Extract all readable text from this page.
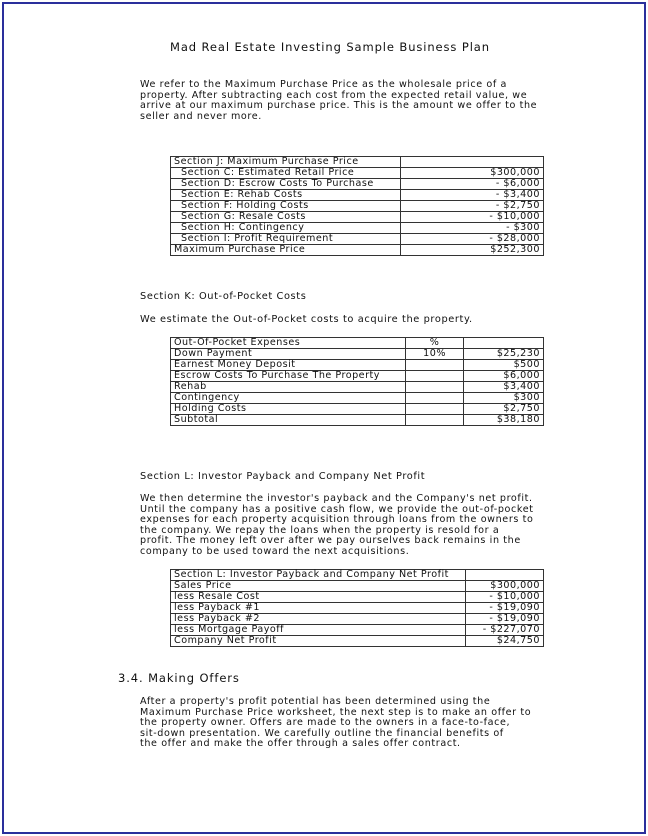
Mad Real Estate Investing Sample Business Plan
We refer to the Maximum Purchase Price as the wholesale price of a
property. After subtracting each cost from the expected retail value, we
arrive at our maximum purchase price. This is the amount we offer to the
seller and never more.
Section J: Maximum Purchase Price	
Section C: Estimated Retail Price	$300,000
Section D: Escrow Costs To Purchase	- $6,000
Section E: Rehab Costs	- $3,400
Section F: Holding Costs	- $2,750
Section G: Resale Costs	- $10,000
Section H: Contingency	- $300
Section I: Profit Requirement	- $28,000
Maximum Purchase Price	$252,300
Section K: Out-of-Pocket Costs
We estimate the Out-of-Pocket costs to acquire the property.
Out-Of-Pocket Expenses	%	
Down Payment	10%	$25,230
Earnest Money Deposit		$500
Escrow Costs To Purchase The Property		$6,000
Rehab		$3,400
Contingency		$300
Holding Costs		$2,750
Subtotal		$38,180
Section L: Investor Payback and Company Net Profit
We then determine the investor's payback and the Company's net profit.
Until the company has a positive cash flow, we provide the out-of-pocket
expenses for each property acquisition through loans from the owners to
the company. We repay the loans when the property is resold for a
profit. The money left over after we pay ourselves back remains in the
company to be used toward the next acquisitions.
Section L: Investor Payback and Company Net Profit	
Sales Price	$300,000
less Resale Cost	- $10,000
less Payback #1	- $19,090
less Payback #2	- $19,090
less Mortgage Payoff	- $227,070
Company Net Profit	$24,750
3.4. Making Offers
After a property's profit potential has been determined using the
Maximum Purchase Price worksheet, the next step is to make an offer to
the property owner. Offers are made to the owners in a face-to-face,
sit-down presentation. We carefully outline the financial benefits of
the offer and make the offer through a sales offer contract.
